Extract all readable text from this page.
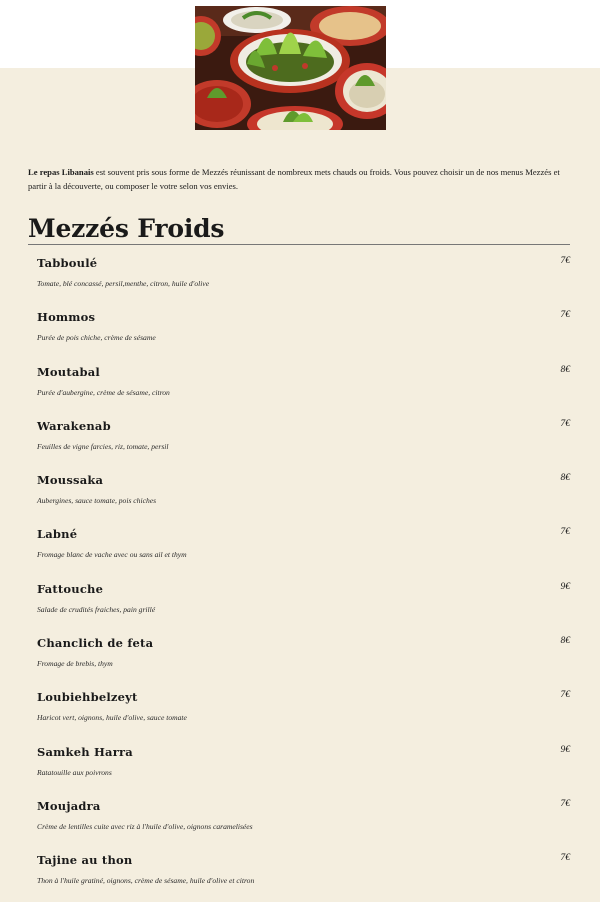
Le repas Libanais est souvent pris sous forme de Mezzés réunissant de nombreux mets chauds ou froids. Vous pouvez choisir un de nos menus Mezzés et partir à la découverte, ou composer le votre selon vos envies.

Mezzés Froids
Tabboulé	7€
Tomate, blé concassé, persil,menthe, citron, huile d'olive
Hommos	7€
Purée de pois chiche, crème de sésame
Moutabal	8€
Purée d'aubergine, crème de sésame, citron
Warakenab	7€
Feuilles de vigne farcies, riz, tomate, persil
Moussaka	8€
Aubergines, sauce tomate, pois chiches
Labné	7€
Fromage blanc de vache avec ou sans ail et thym
Fattouche	9€
Salade de crudités fraiches, pain grillé
Chanclich de feta	8€
Fromage de brebis, thym
Loubiehbelzeyt	7€
Haricot vert, oignons, huile d'olive, sauce tomate
Samkeh Harra	9€
Ratatouille aux poivrons
Moujadra	7€
Crème de lentilles cuite avec riz à l'huile d'olive, oignons caramelisées
Tajine au thon	7€
Thon à l'huile gratiné, oignons, crème de sésame, huile d'olive et citron
